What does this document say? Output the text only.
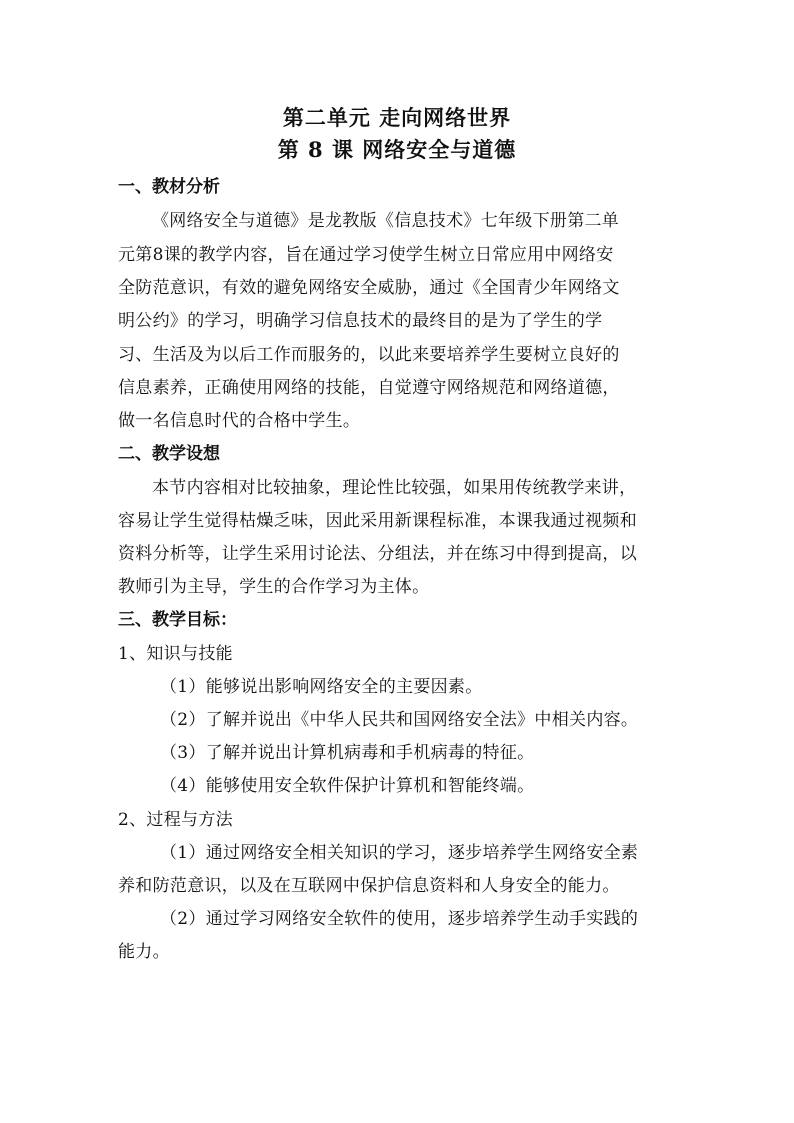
第二单元 走向网络世界
第 8 课 网络安全与道德
一、教材分析
《网络安全与道德》是龙教版《信息技术》七年级下册第二单
元第8课的教学内容，旨在通过学习使学生树立日常应用中网络安
全防范意识，有效的避免网络安全威胁，通过《全国青少年网络文
明公约》的学习，明确学习信息技术的最终目的是为了学生的学
习、生活及为以后工作而服务的，以此来要培养学生要树立良好的
信息素养，正确使用网络的技能，自觉遵守网络规范和网络道德，
做一名信息时代的合格中学生。
二、教学设想
本节内容相对比较抽象，理论性比较强，如果用传统教学来讲，
容易让学生觉得枯燥乏味，因此采用新课程标准，本课我通过视频和
资料分析等，让学生采用讨论法、分组法，并在练习中得到提高，以
教师引为主导，学生的合作学习为主体。
三、教学目标：
1、知识与技能
（1）能够说出影响网络安全的主要因素。
（2）了解并说出《中华人民共和国网络安全法》中相关内容。
（3）了解并说出计算机病毒和手机病毒的特征。
（4）能够使用安全软件保护计算机和智能终端。
2、过程与方法
（1）通过网络安全相关知识的学习，逐步培养学生网络安全素
养和防范意识，以及在互联网中保护信息资料和人身安全的能力。
（2）通过学习网络安全软件的使用，逐步培养学生动手实践的
能力。
